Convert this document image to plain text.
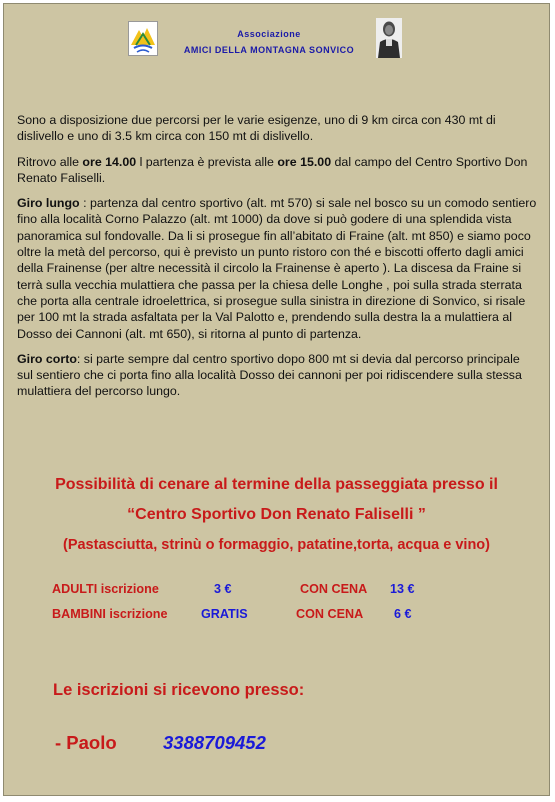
Associazione
AMICI DELLA MONTAGNA SONVICO

Sono a disposizione due percorsi per le varie esigenze, uno di 9 km circa con 430 mt di dislivello e uno di 3.5 km circa con 150 mt di dislivello.

Ritrovo alle ore 14.00 l partenza è prevista alle ore 15.00 dal campo del Centro Sportivo Don Renato Faliselli.

Giro lungo : partenza dal centro sportivo (alt. mt 570) si sale nel bosco su un comodo sentiero fino alla località Corno Palazzo (alt. mt 1000) da dove si può godere di una splendida vista panoramica sul fondovalle. Da li si prosegue fin all’abitato di Fraine (alt. mt 850) e siamo poco oltre la metà del percorso, qui è previsto un punto ristoro con thé e biscotti offerto dagli amici della Frainense (per altre necessità il circolo la Frainense è aperto ). La discesa da Fraine si terrà sulla vecchia mulattiera che passa per la chiesa delle Longhe , poi sulla strada sterrata che porta alla centrale idroelettrica, si prosegue sulla sinistra in direzione di Sonvico, si risale per 100 mt la strada asfaltata per la Val Palotto e, prendendo sulla destra la a mulattiera al Dosso dei Cannoni (alt. mt 650), si ritorna al punto di partenza.

Giro corto: si parte sempre dal centro sportivo dopo 800 mt si devia dal percorso principale sul sentiero che ci porta fino alla località Dosso dei cannoni per poi ridiscendere sulla stessa mulattiera del percorso lungo.

Possibilità di cenare al termine della passeggiata presso il
“Centro Sportivo Don Renato Faliselli ”
(Pastasciutta, strinù o formaggio, patatine,torta, acqua e vino)
ADULTI iscrizione	3 €	CON CENA 13 €
BAMBINI iscrizione	GRATIS	CON CENA 6 €
Le iscrizioni si ricevono presso:
- Paolo	3388709452
